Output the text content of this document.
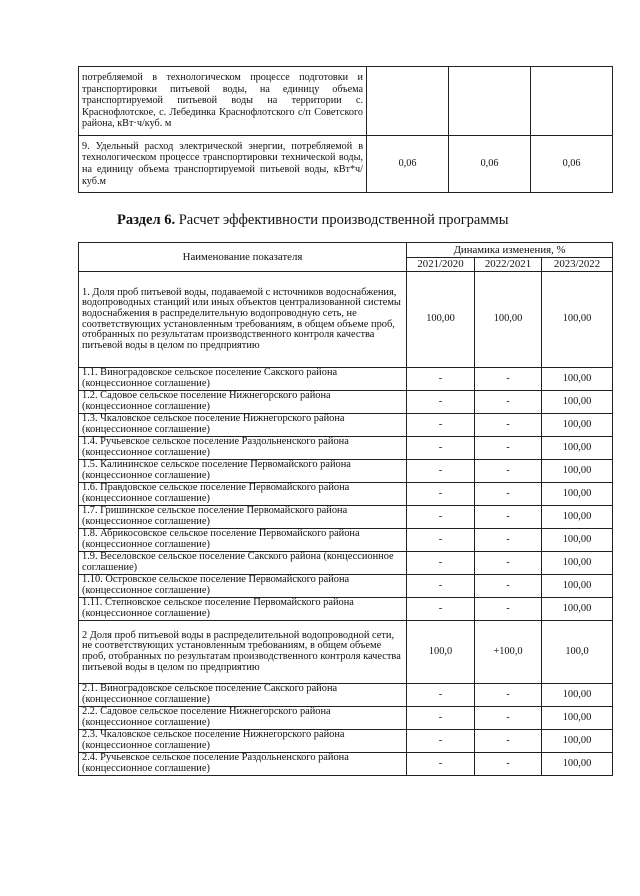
потребляемой в технологическом процессе подготовки и транспортировки питьевой воды, на единицу объема транспортируемой питьевой воды на территории с. Краснофлотское, с. Лебединка Краснофлотского с/п Советского района, кВт·ч/куб. м			
9. Удельный расход электрической энергии, потребляемой в технологическом процессе транспортировки технической воды, на единицу объема транспортируемой питьевой воды, кВт*ч/куб.м	0,06	0,06	0,06
Раздел 6. Расчет эффективности производственной программы
Наименование показателя	Динамика изменения, %		
	2021/2020	2022/2021	2023/2022
1. Доля проб питьевой воды, подаваемой с источников водоснабжения, водопроводных станций или иных объектов централизованной системы водоснабжения в распределительную водопроводную сеть, не соответствующих установленным требованиям, в общем объеме проб, отобранных по результатам производственного контроля качества питьевой воды в целом по предприятию	100,00	100,00	100,00
1.1. Виноградовское сельское поселение Сакского района (концессионное соглашение)	-	-	100,00
1.2. Садовое сельское поселение Нижнегорского района (концессионное соглашение)	-	-	100,00
1.3. Чкаловское сельское поселение Нижнегорского района (концессионное соглашение)	-	-	100,00
1.4. Ручьевское сельское поселение Раздольненского района (концессионное соглашение)	-	-	100,00
1.5. Калининское сельское поселение Первомайского района (концессионное соглашение)	-	-	100,00
1.6. Правдовское сельское поселение Первомайского района (концессионное соглашение)	-	-	100,00
1.7. Гришинское сельское поселение Первомайского района (концессионное соглашение)	-	-	100,00
1.8. Абрикосовское сельское поселение Первомайского района (концессионное соглашение)	-	-	100,00
1.9. Веселовское сельское поселение Сакского района (концессионное соглашение)	-	-	100,00
1.10. Островское сельское поселение Первомайского района (концессионное соглашение)	-	-	100,00
1.11. Степновское сельское поселение Первомайского района (концессионное соглашение)	-	-	100,00
2 Доля проб питьевой воды в распределительной водопроводной сети, не соответствующих установленным требованиям, в общем объеме проб, отобранных по результатам производственного контроля качества питьевой воды в целом по предприятию	100,0	+100,0	100,0
2.1. Виноградовское сельское поселение Сакского района (концессионное соглашение)	-	-	100,00
2.2. Садовое сельское поселение Нижнегорского района (концессионное соглашение)	-	-	100,00
2.3. Чкаловское сельское поселение Нижнегорского района (концессионное соглашение)	-	-	100,00
2.4. Ручьевское сельское поселение Раздольненского района (концессионное соглашение)	-	-	100,00
